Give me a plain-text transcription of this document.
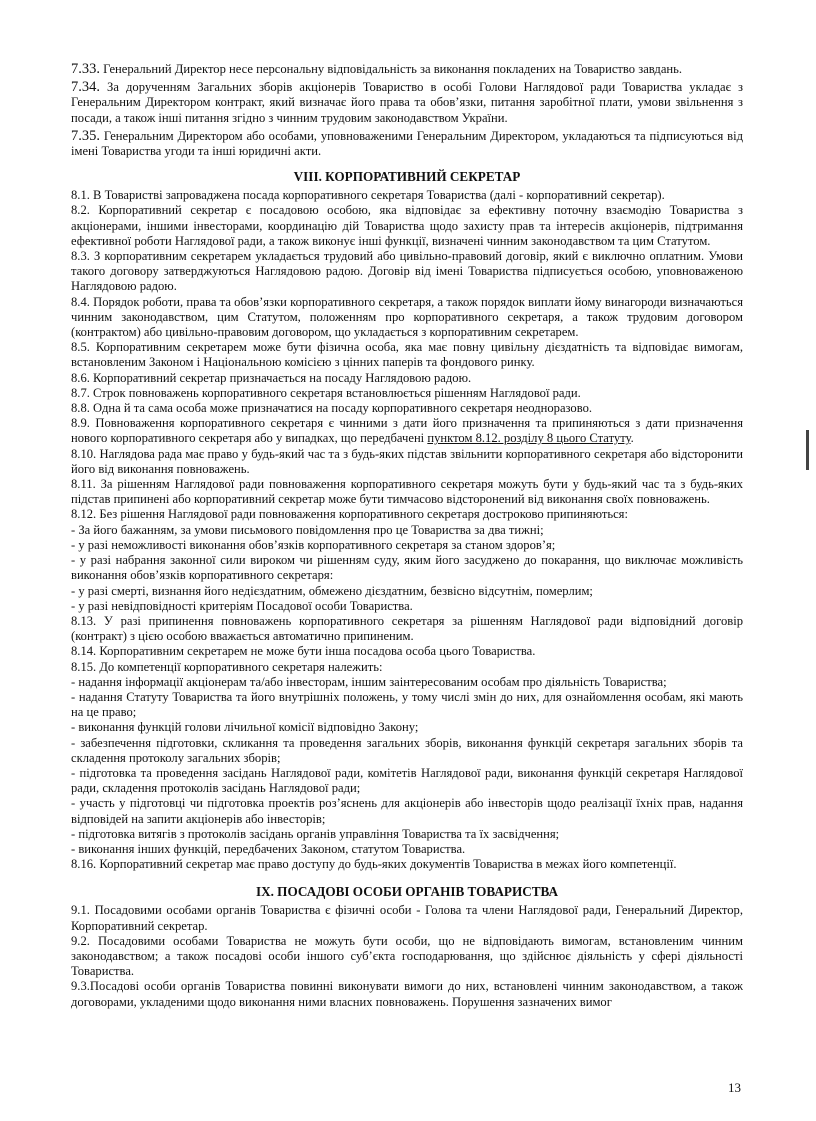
7.33. Генеральний Директор несе персональну відповідальність за виконання покладених на Товариство завдань.

7.34. За дорученням Загальних зборів акціонерів Товариство в особі Голови Наглядової ради Товариства укладає з Генеральним Директором контракт, який визначає його права та обов’язки, питання заробітної плати, умови звільнення з посади, а також інші питання згідно з чинним трудовим законодавством України.

7.35. Генеральним Директором або особами, уповноваженими Генеральним Директором, укладаються та підписуються від імені Товариства угоди та інші юридичні акти.

VIII. КОРПОРАТИВНИЙ СЕКРЕТАР

8.1. В Товаристві запроваджена посада корпоративного секретаря Товариства (далі - корпоративний секретар).

8.2. Корпоративний секретар є посадовою особою, яка відповідає за ефективну поточну взаємодію Товариства з акціонерами, іншими інвесторами, координацію дій Товариства щодо захисту прав та інтересів акціонерів, підтримання ефективної роботи Наглядової ради, а також виконує інші функції, визначені чинним законодавством та цим Статутом.

8.3. З корпоративним секретарем укладається трудовий або цивільно-правовий договір, який є виключно оплатним. Умови такого договору затверджуються Наглядовою радою. Договір від імені Товариства підписується особою, уповноваженою Наглядовою радою.

8.4. Порядок роботи, права та обов’язки корпоративного секретаря, а також порядок виплати йому винагороди визначаються чинним законодавством, цим Статутом, положенням про корпоративного секретаря, а також трудовим договором (контрактом) або цивільно-правовим договором, що укладається з корпоративним секретарем.

8.5. Корпоративним секретарем може бути фізична особа, яка має повну цивільну дієздатність та відповідає вимогам, встановленим Законом і Національною комісією з цінних паперів та фондового ринку.

8.6. Корпоративний секретар призначається на посаду Наглядовою радою.

8.7. Строк повноважень корпоративного секретаря встановлюється рішенням Наглядової ради.

8.8. Одна й та сама особа може призначатися на посаду корпоративного секретаря неодноразово.

8.9. Повноваження корпоративного секретаря є чинними з дати його призначення та припиняються з дати призначення нового корпоративного секретаря або у випадках, що передбачені пункт‌ом 8.12. розділу 8 цього Статуту.

8.10. Наглядова рада має право у будь-який час та з будь-яких підстав звільнити корпоративного секретаря або відсторонити його від виконання повноважень.

8.11. За рішенням Наглядової ради повноваження корпоративного секретаря можуть бути у будь-який час та з будь-яких підстав припинені або корпоративний секретар може бути тимчасово відсторонений від виконання своїх повноважень.

8.12. Без рішення Наглядової ради повноваження корпоративного секретаря достроково припиняються:

- За його бажанням, за умови письмового повідомлення про це Товариства за два тижні;

- у разі неможливості виконання обов’язків корпоративного секретаря за станом здоров’я;

- у разі набрання законної сили вироком чи рішенням суду, яким його засуджено до покарання, що виключає можливість виконання обов’язків корпоративного секретаря:

- у разі смерті, визнання його недієздатним, обмежено дієздатним, безвісно відсутнім, померлим;

- у разі невідповідності критеріям Посадової особи Товариства.

8.13. У разі припинення повноважень корпоративного секретаря за рішенням Наглядової ради відповідний договір (контракт) з цією особою вважається автоматично припиненим.

8.14. Корпоративним секретарем не може бути інша посадова особа цього Товариства.

8.15. До компетенції корпоративного секретаря належить:

- надання інформації акціонерам та/або інвесторам, іншим заінтересованим особам про діяльність Товариства;

- надання Статуту Товариства та його внутрішніх положень, у тому числі змін до них, для ознайомлення особам, які мають на це право;

- виконання функцій голови лічильної комісії відповідно Закону;

- забезпечення підготовки, скликання та проведення загальних зборів, виконання функцій секретаря загальних зборів та складення протоколу загальних зборів;

- підготовка та проведення засідань Наглядової ради, комітетів Наглядової ради, виконання функцій секретаря Наглядової ради, складення протоколів засідань Наглядової ради;

- участь у підготовці чи підготовка проектів роз’яснень для акціонерів або інвесторів щодо реалізації їхніх прав, надання відповідей на запити акціонерів або інвесторів;

- підготовка витягів з протоколів засідань органів управління Товариства та їх засвідчення;

- виконання інших функцій, передбачених Законом, статутом Товариства.

8.16. Корпоративний секретар має право доступу до будь-яких документів Товариства в межах його компетенції.

IX. ПОСАДОВІ ОСОБИ ОРГАНІВ ТОВАРИСТВА

9.1. Посадовими особами органів Товариства є фізичні особи - Голова та члени Наглядової ради, Генеральний Директор, Корпоративний секретар.

9.2. Посадовими особами Товариства не можуть бути особи, що не відповідають вимогам, встановленим чинним законодавством; а також посадові особи іншого суб’єкта господарювання, що здійснює діяльність у сфері діяльності Товариства.

9.3.Посадові особи органів Товариства повинні виконувати вимоги до них, встановлені чинним законодавством, а також договорами, укладеними щодо виконання ними власних повноважень. Порушення зазначених вимог

13
